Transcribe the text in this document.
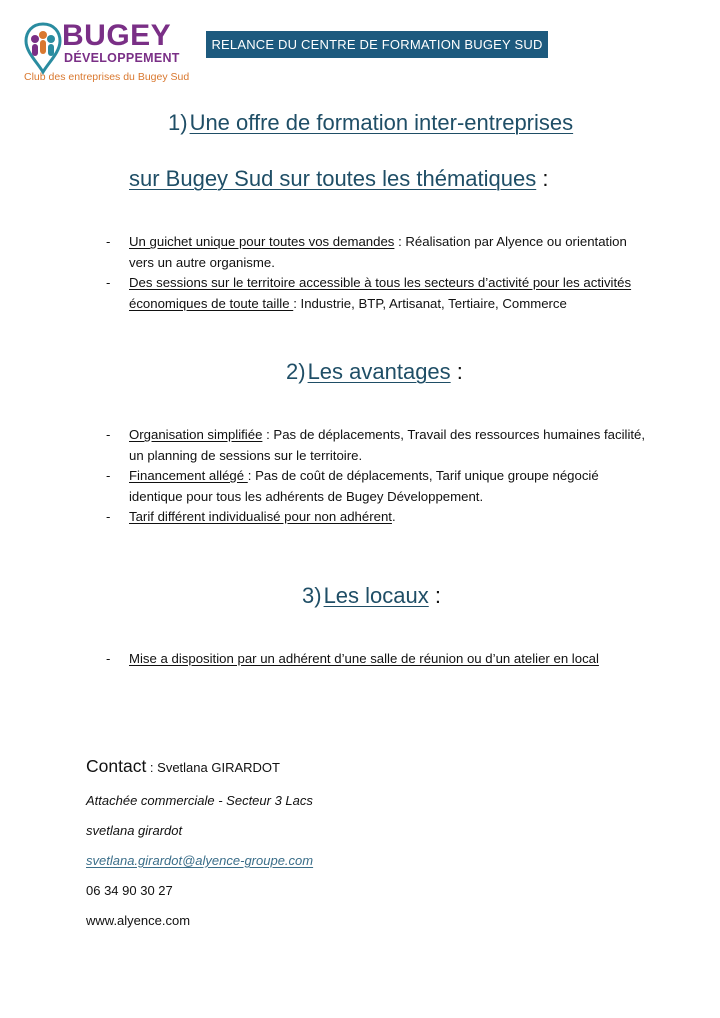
BUGEY
DÉVELOPPEMENT
Club des entreprises du Bugey Sud
RELANCE DU CENTRE DE FORMATION BUGEY SUD
1)Une offre de formation inter-entreprises
sur Bugey Sud sur toutes les thématiques :
- Un guichet unique pour toutes vos demandes : Réalisation par Alyence ou orientation vers un autre organisme.
- Des sessions sur le territoire accessible à tous les secteurs d’activité pour les activités économiques de toute taille : Industrie, BTP, Artisanat, Tertiaire, Commerce
2)Les avantages :
- Organisation simplifiée : Pas de déplacements, Travail des ressources humaines facilité, un planning de sessions sur le territoire.
- Financement allégé : Pas de coût de déplacements, Tarif unique groupe négocié identique pour tous les adhérents de Bugey Développement.
- Tarif différent individualisé pour non adhérent.
3)Les locaux :
- Mise a disposition par un adhérent d’une salle de réunion ou d’un atelier en local
Contact : Svetlana GIRARDOT
Attachée commerciale - Secteur 3 Lacs
svetlana girardot
svetlana.girardot@alyence-groupe.com
06 34 90 30 27
www.alyence.com
